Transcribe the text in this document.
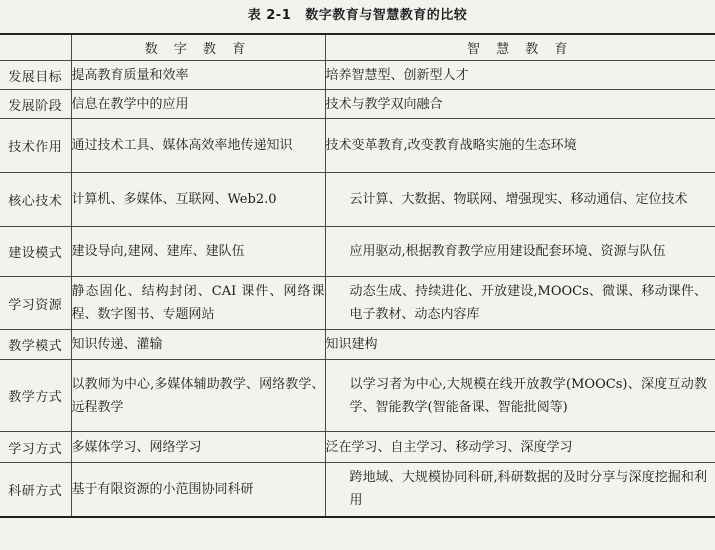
表 2-1 数字教育与智慧教育的比较
	数 字 教 育	智 慧 教 育
发展目标	提高教育质量和效率	培养智慧型、创新型人才
发展阶段	信息在教学中的应用	技术与教学双向融合
技术作用	通过技术工具、媒体高效率地传递知识	技术变革教育,改变教育战略实施的生态环境
核心技术	计算机、多媒体、互联网、Web2.0	云计算、大数据、物联网、增强现实、移动通信、定位技术
建设模式	建设导向,建网、建库、建队伍	应用驱动,根据教育教学应用建设配套环境、资源与队伍
学习资源	静态固化、结构封闭、CAI 课件、网络课程、数字图书、专题网站	动态生成、持续进化、开放建设,MOOCs、微课、移动课件、电子教材、动态内容库
教学模式	知识传递、灌输	知识建构
教学方式	以教师为中心,多媒体辅助教学、网络教学、远程教学	以学习者为中心,大规模在线开放教学(MOOCs)、深度互动教学、智能教学(智能备课、智能批阅等)
学习方式	多媒体学习、网络学习	泛在学习、自主学习、移动学习、深度学习
科研方式	基于有限资源的小范围协同科研	跨地域、大规模协同科研,科研数据的及时分享与深度挖掘和利用
